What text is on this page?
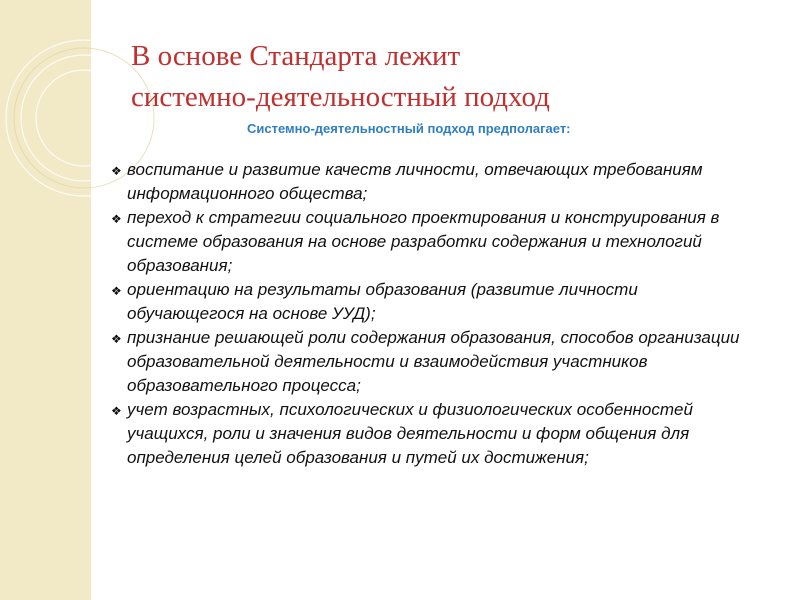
В основе Стандарта лежит
системно-деятельностный подход

Системно-деятельностный подход предполагает:

❖ воспитание и развитие качеств личности, отвечающих требованиям информационного общества;
❖ переход к стратегии социального проектирования и конструирования в системе образования на основе разработки содержания и технологий образования;
❖ ориентацию на результаты образования (развитие личности обучающегося на основе УУД);
❖ признание решающей роли содержания образования, способов организации образовательной деятельности и взаимодействия участников образовательного процесса;
❖ учет возрастных, психологических и физиологических особенностей учащихся, роли и значения видов деятельности и форм общения для определения целей образования и путей их достижения;
